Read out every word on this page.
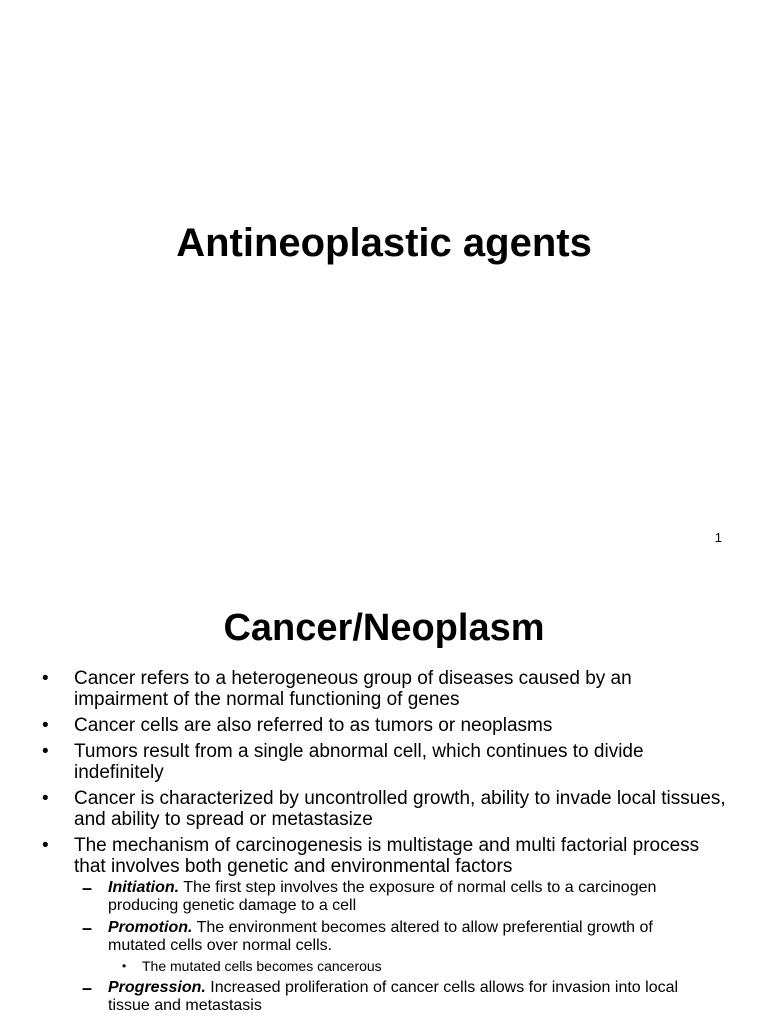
Antineoplastic agents
1
Cancer/Neoplasm
• Cancer refers to a heterogeneous group of diseases caused by an impairment of the normal functioning of genes
• Cancer cells are also referred to as tumors or neoplasms
• Tumors result from a single abnormal cell, which continues to divide indefinitely
• Cancer is characterized by uncontrolled growth, ability to invade local tissues, and ability to spread or metastasize
• The mechanism of carcinogenesis is multistage and multi factorial process that involves both genetic and environmental factors
– Initiation. The first step involves the exposure of normal cells to a carcinogen producing genetic damage to a cell
– Promotion. The environment becomes altered to allow preferential growth of mutated cells over normal cells.
• The mutated cells becomes cancerous
– Progression. Increased proliferation of cancer cells allows for invasion into local tissue and metastasis
